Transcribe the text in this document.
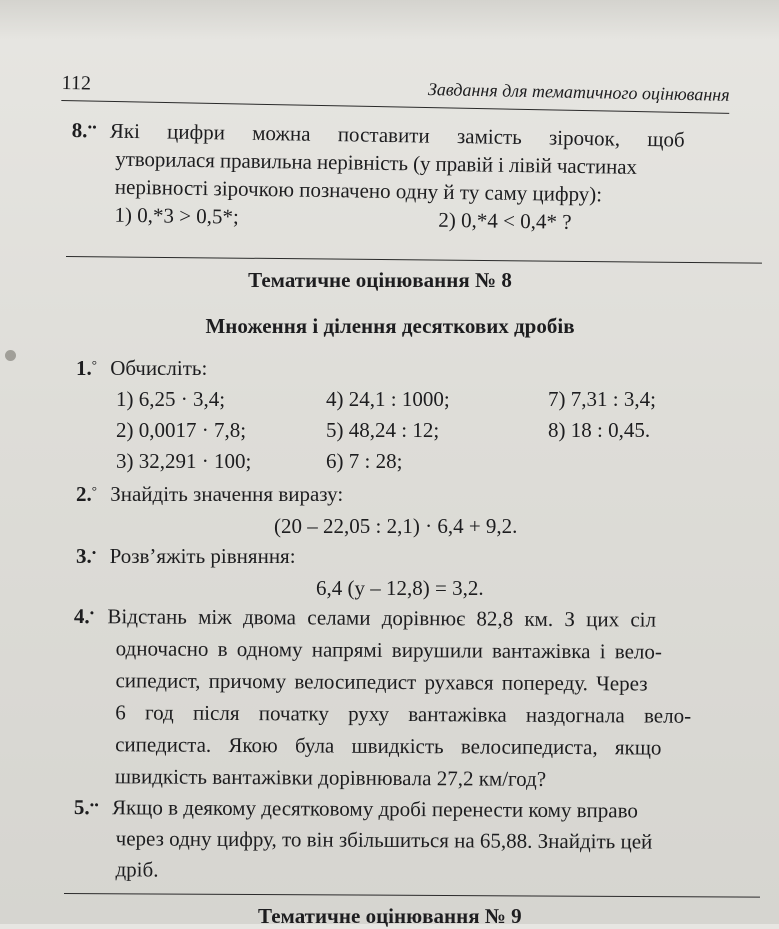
112	Завдання для тематичного оцінювання
8.•• Які цифри можна поставити замість зірочок, щоб
утворилася правильна нерівність (у правій і лівій частинах
нерівності зірочкою позначено одну й ту саму цифру):
1) 0,*3 > 0,5*;	2) 0,*4 < 0,4* ?
Тематичне оцінювання № 8
Множення і ділення десяткових дробів
1.° Обчисліть:
1) 6,25 · 3,4;	4) 24,1 : 1000;	7) 7,31 : 3,4;
2) 0,0017 · 7,8;	5) 48,24 : 12;	8) 18 : 0,45.
3) 32,291 · 100;	6) 7 : 28;
2.° Знайдіть значення виразу:
(20 – 22,05 : 2,1) · 6,4 + 9,2.
3.• Розв’яжіть рівняння:
6,4 (y – 12,8) = 3,2.
4.• Відстань між двома селами дорівнює 82,8 км. З цих сіл
одночасно в одному напрямі вирушили вантажівка і вело-
сипедист, причому велосипедист рухався попереду. Через
6 год після початку руху вантажівка наздогнала вело-
сипедиста. Якою була швидкість велосипедиста, якщо
швидкість вантажівки дорівнювала 27,2 км/год?
5.•• Якщо в деякому десятковому дробі перенести кому вправо
через одну цифру, то він збільшиться на 65,88. Знайдіть цей
дріб.
Тематичне оцінювання № 9
